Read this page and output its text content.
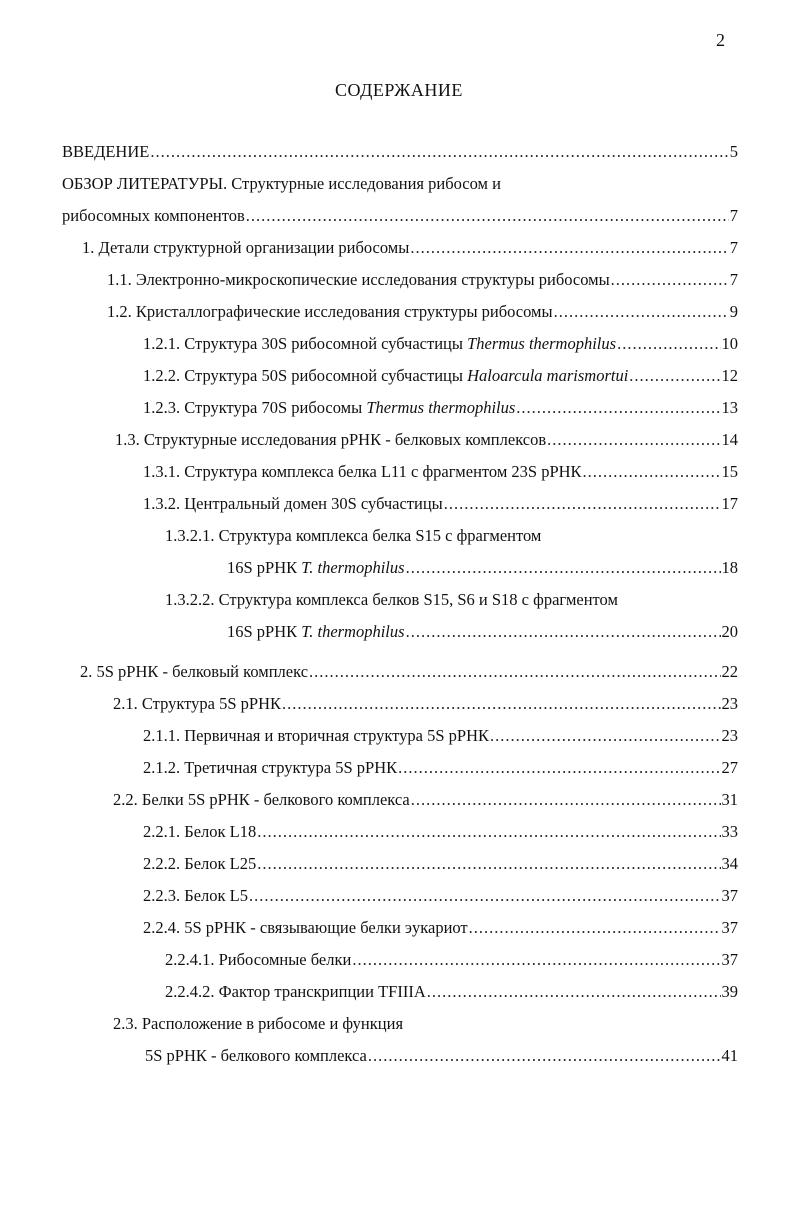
2
СОДЕРЖАНИЕ
ВВЕДЕНИЕ .....	5
ОБЗОР ЛИТЕРАТУРЫ. Структурные исследования рибосом и
рибосомных компонентов .....	7
1. Детали структурной организации рибосомы .....	7
1.1. Электронно-микроскопические исследования структуры рибосомы .....	7
1.2. Кристаллографические исследования структуры рибосомы .....	9
1.2.1. Структура 30S рибосомной субчастицы Thermus thermophilus .....	10
1.2.2. Структура 50S рибосомной субчастицы Haloarcula marismortui .....	12
1.2.3. Структура 70S рибосомы Thermus thermophilus .....	13
1.3. Структурные исследования рРНК - белковых комплексов .....	14
1.3.1. Структура комплекса белка L11 с фрагментом 23S рРНК .....	15
1.3.2. Центральный домен 30S субчастицы .....	17
1.3.2.1. Структура комплекса белка S15 с фрагментом
16S рРНК T. thermophilus .....	18
1.3.2.2. Структура комплекса белков S15, S6 и S18 с фрагментом
16S рРНК T. thermophilus .....	20
2. 5S рРНК - белковый комплекс .....	22
2.1. Структура 5S рРНК .....	23
2.1.1. Первичная и вторичная структура 5S рРНК .....	23
2.1.2. Третичная структура 5S рРНК .....	27
2.2. Белки 5S рРНК - белкового комплекса .....	31
2.2.1. Белок L18 .....	33
2.2.2. Белок L25 .....	34
2.2.3. Белок L5 .....	37
2.2.4. 5S рРНК - связывающие белки эукариот .....	37
2.2.4.1. Рибосомные белки .....	37
2.2.4.2. Фактор транскрипции TFIIIA .....	39
2.3. Расположение в рибосоме и функция
5S рРНК - белкового комплекса .....	41
